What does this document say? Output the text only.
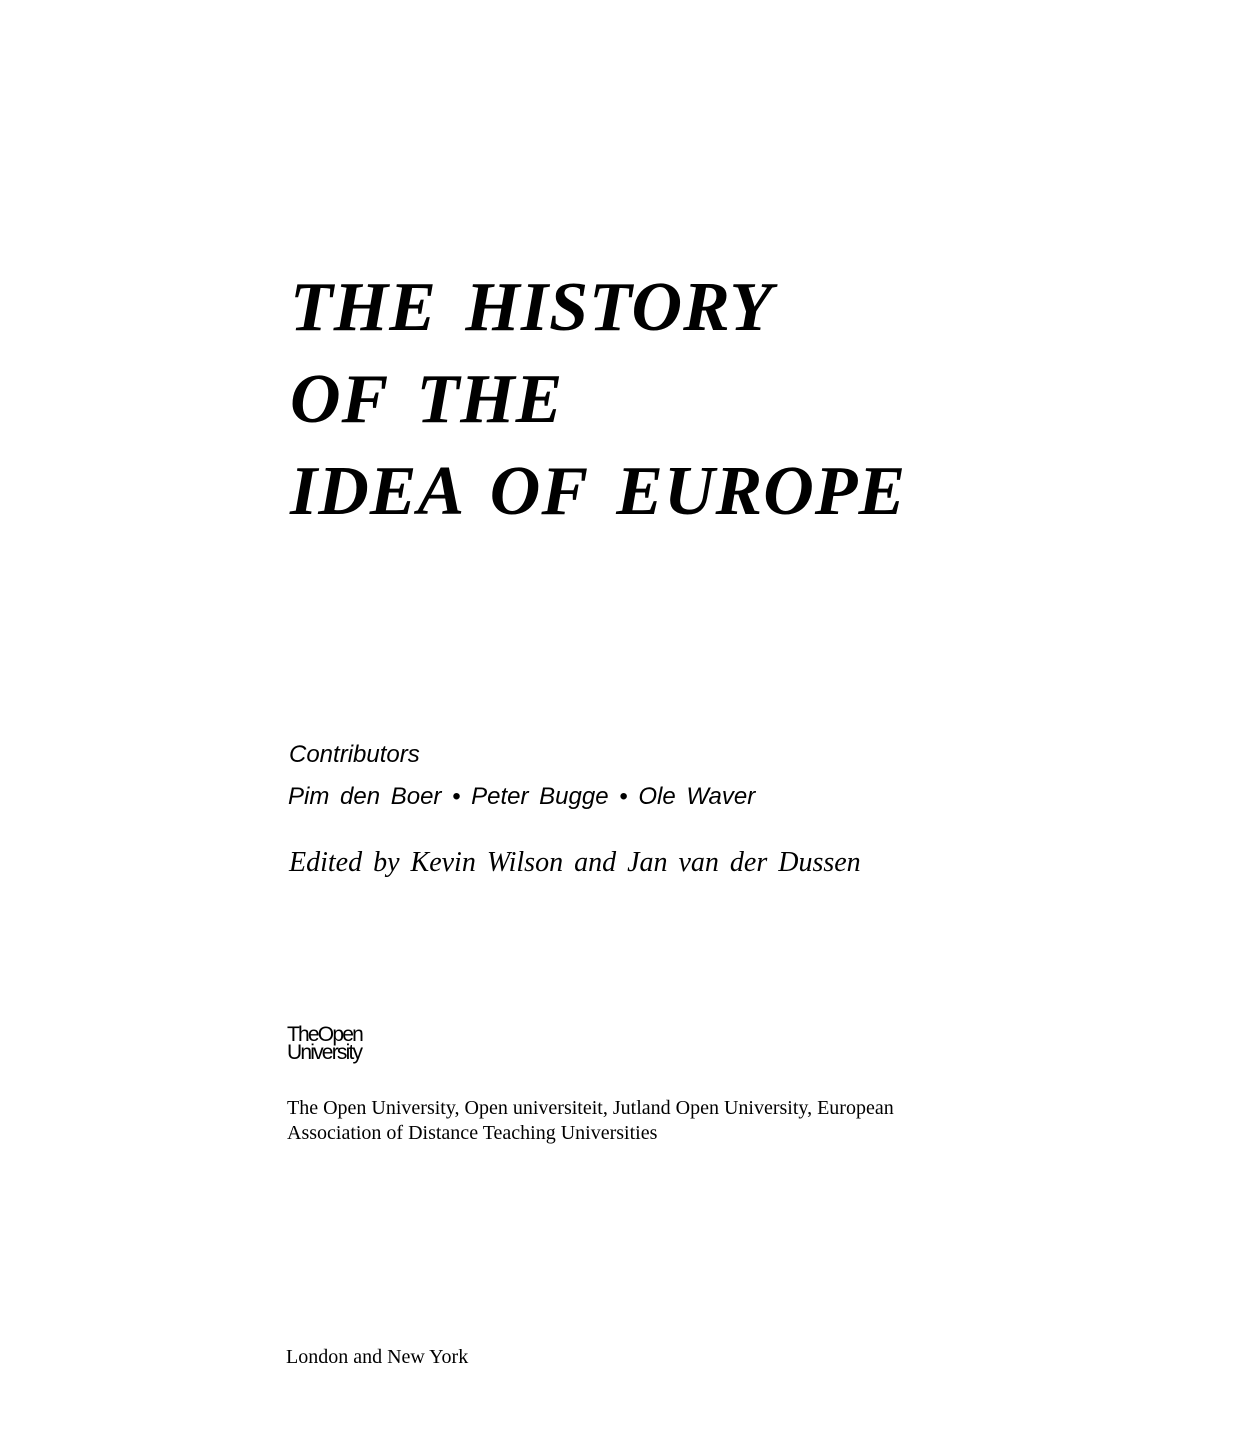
THE HISTORY
OF THE
IDEA OF EUROPE
Contributors
Pim den Boer • Peter Bugge • Ole Waver
Edited by Kevin Wilson and Jan van der Dussen
TheOpen
University
The Open University, Open universiteit, Jutland Open University, European
Association of Distance Teaching Universities
London and New York
